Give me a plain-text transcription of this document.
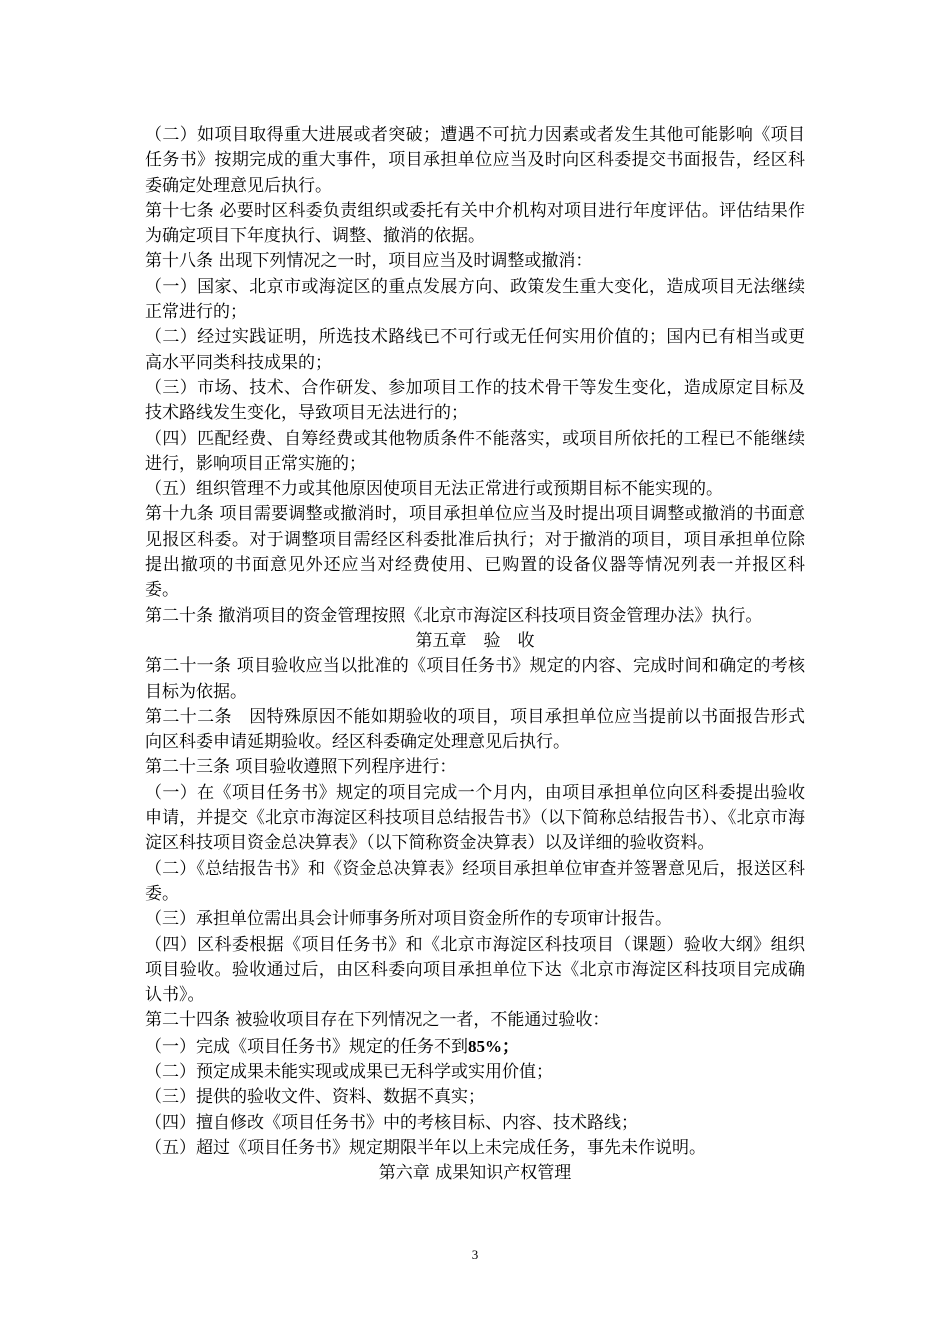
（二）如项目取得重大进展或者突破；遭遇不可抗力因素或者发生其他可能影响《项目任务书》按期完成的重大事件，项目承担单位应当及时向区科委提交书面报告，经区科委确定处理意见后执行。

第十七条 必要时区科委负责组织或委托有关中介机构对项目进行年度评估。评估结果作为确定项目下年度执行、调整、撤消的依据。

第十八条 出现下列情况之一时，项目应当及时调整或撤消：

（一）国家、北京市或海淀区的重点发展方向、政策发生重大变化，造成项目无法继续正常进行的；

（二）经过实践证明，所选技术路线已不可行或无任何实用价值的；国内已有相当或更高水平同类科技成果的；

（三）市场、技术、合作研发、参加项目工作的技术骨干等发生变化，造成原定目标及技术路线发生变化，导致项目无法进行的；

（四）匹配经费、自筹经费或其他物质条件不能落实，或项目所依托的工程已不能继续进行，影响项目正常实施的；

（五）组织管理不力或其他原因使项目无法正常进行或预期目标不能实现的。

第十九条 项目需要调整或撤消时，项目承担单位应当及时提出项目调整或撤消的书面意见报区科委。对于调整项目需经区科委批准后执行；对于撤消的项目，项目承担单位除提出撤项的书面意见外还应当对经费使用、已购置的设备仪器等情况列表一并报区科委。

第二十条 撤消项目的资金管理按照《北京市海淀区科技项目资金管理办法》执行。

第五章　验　收

第二十一条 项目验收应当以批准的《项目任务书》规定的内容、完成时间和确定的考核目标为依据。

第二十二条　因特殊原因不能如期验收的项目，项目承担单位应当提前以书面报告形式向区科委申请延期验收。经区科委确定处理意见后执行。

第二十三条 项目验收遵照下列程序进行：

（一）在《项目任务书》规定的项目完成一个月内，由项目承担单位向区科委提出验收申请，并提交《北京市海淀区科技项目总结报告书》（以下简称总结报告书）、《北京市海淀区科技项目资金总决算表》（以下简称资金决算表）以及详细的验收资料。

（二）《总结报告书》和《资金总决算表》经项目承担单位审查并签署意见后，报送区科委。

（三）承担单位需出具会计师事务所对项目资金所作的专项审计报告。

（四）区科委根据《项目任务书》和《北京市海淀区科技项目（课题）验收大纲》组织项目验收。验收通过后，由区科委向项目承担单位下达《北京市海淀区科技项目完成确认书》。

第二十四条 被验收项目存在下列情况之一者，不能通过验收：

（一）完成《项目任务书》规定的任务不到85%；

（二）预定成果未能实现或成果已无科学或实用价值；

（三）提供的验收文件、资料、数据不真实；

（四）擅自修改《项目任务书》中的考核目标、内容、技术路线；

（五）超过《项目任务书》规定期限半年以上未完成任务，事先未作说明。

第六章 成果知识产权管理

3
